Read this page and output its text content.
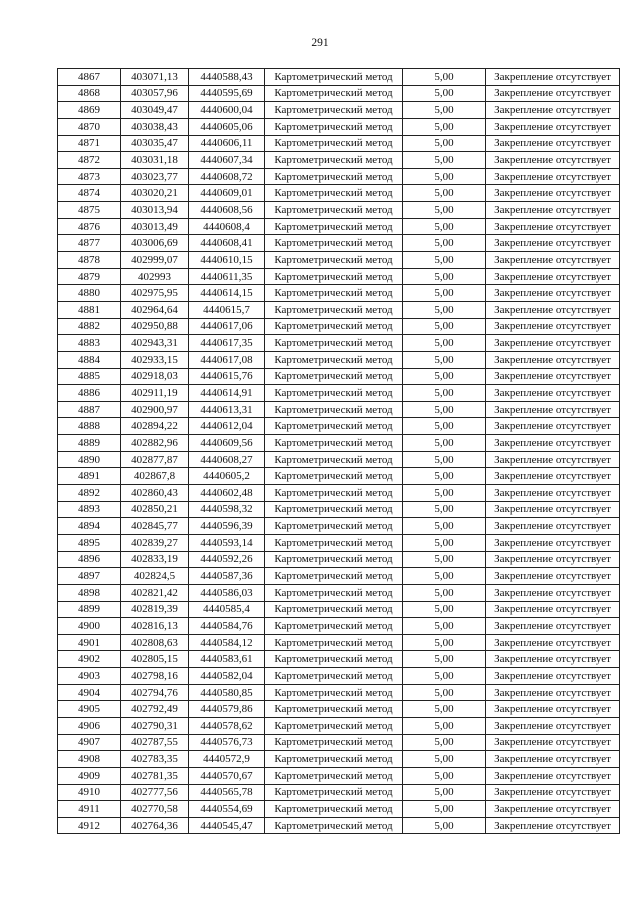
291
4867	403071,13	4440588,43	Картометрический метод	5,00	Закрепление отсутствует
4868	403057,96	4440595,69	Картометрический метод	5,00	Закрепление отсутствует
4869	403049,47	4440600,04	Картометрический метод	5,00	Закрепление отсутствует
4870	403038,43	4440605,06	Картометрический метод	5,00	Закрепление отсутствует
4871	403035,47	4440606,11	Картометрический метод	5,00	Закрепление отсутствует
4872	403031,18	4440607,34	Картометрический метод	5,00	Закрепление отсутствует
4873	403023,77	4440608,72	Картометрический метод	5,00	Закрепление отсутствует
4874	403020,21	4440609,01	Картометрический метод	5,00	Закрепление отсутствует
4875	403013,94	4440608,56	Картометрический метод	5,00	Закрепление отсутствует
4876	403013,49	4440608,4	Картометрический метод	5,00	Закрепление отсутствует
4877	403006,69	4440608,41	Картометрический метод	5,00	Закрепление отсутствует
4878	402999,07	4440610,15	Картометрический метод	5,00	Закрепление отсутствует
4879	402993	4440611,35	Картометрический метод	5,00	Закрепление отсутствует
4880	402975,95	4440614,15	Картометрический метод	5,00	Закрепление отсутствует
4881	402964,64	4440615,7	Картометрический метод	5,00	Закрепление отсутствует
4882	402950,88	4440617,06	Картометрический метод	5,00	Закрепление отсутствует
4883	402943,31	4440617,35	Картометрический метод	5,00	Закрепление отсутствует
4884	402933,15	4440617,08	Картометрический метод	5,00	Закрепление отсутствует
4885	402918,03	4440615,76	Картометрический метод	5,00	Закрепление отсутствует
4886	402911,19	4440614,91	Картометрический метод	5,00	Закрепление отсутствует
4887	402900,97	4440613,31	Картометрический метод	5,00	Закрепление отсутствует
4888	402894,22	4440612,04	Картометрический метод	5,00	Закрепление отсутствует
4889	402882,96	4440609,56	Картометрический метод	5,00	Закрепление отсутствует
4890	402877,87	4440608,27	Картометрический метод	5,00	Закрепление отсутствует
4891	402867,8	4440605,2	Картометрический метод	5,00	Закрепление отсутствует
4892	402860,43	4440602,48	Картометрический метод	5,00	Закрепление отсутствует
4893	402850,21	4440598,32	Картометрический метод	5,00	Закрепление отсутствует
4894	402845,77	4440596,39	Картометрический метод	5,00	Закрепление отсутствует
4895	402839,27	4440593,14	Картометрический метод	5,00	Закрепление отсутствует
4896	402833,19	4440592,26	Картометрический метод	5,00	Закрепление отсутствует
4897	402824,5	4440587,36	Картометрический метод	5,00	Закрепление отсутствует
4898	402821,42	4440586,03	Картометрический метод	5,00	Закрепление отсутствует
4899	402819,39	4440585,4	Картометрический метод	5,00	Закрепление отсутствует
4900	402816,13	4440584,76	Картометрический метод	5,00	Закрепление отсутствует
4901	402808,63	4440584,12	Картометрический метод	5,00	Закрепление отсутствует
4902	402805,15	4440583,61	Картометрический метод	5,00	Закрепление отсутствует
4903	402798,16	4440582,04	Картометрический метод	5,00	Закрепление отсутствует
4904	402794,76	4440580,85	Картометрический метод	5,00	Закрепление отсутствует
4905	402792,49	4440579,86	Картометрический метод	5,00	Закрепление отсутствует
4906	402790,31	4440578,62	Картометрический метод	5,00	Закрепление отсутствует
4907	402787,55	4440576,73	Картометрический метод	5,00	Закрепление отсутствует
4908	402783,35	4440572,9	Картометрический метод	5,00	Закрепление отсутствует
4909	402781,35	4440570,67	Картометрический метод	5,00	Закрепление отсутствует
4910	402777,56	4440565,78	Картометрический метод	5,00	Закрепление отсутствует
4911	402770,58	4440554,69	Картометрический метод	5,00	Закрепление отсутствует
4912	402764,36	4440545,47	Картометрический метод	5,00	Закрепление отсутствует
